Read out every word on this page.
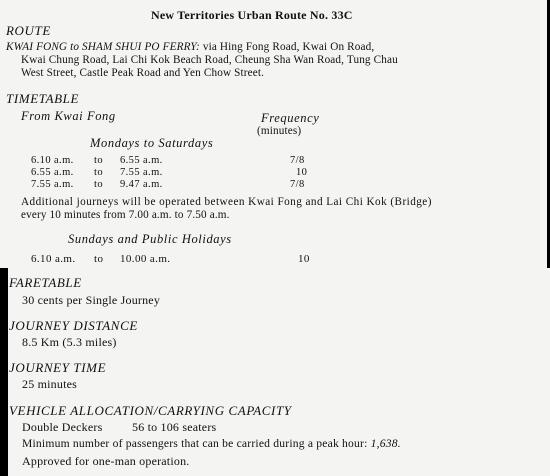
New Territories Urban Route No. 33C
ROUTE
KWAI FONG to SHAM SHUI PO FERRY: via Hing Fong Road, Kwai On Road,
Kwai Chung Road, Lai Chi Kok Beach Road, Cheung Sha Wan Road, Tung Chau
West Street, Castle Peak Road and Yen Chow Street.
TIMETABLE
From Kwai Fong	Frequency
(minutes)
Mondays to Saturdays
6.10 a.m. to 6.55 a.m.	7/8
6.55 a.m. to 7.55 a.m.	10
7.55 a.m. to 9.47 a.m.	7/8
Additional journeys will be operated between Kwai Fong and Lai Chi Kok (Bridge)
every 10 minutes from 7.00 a.m. to 7.50 a.m.
Sundays and Public Holidays
6.10 a.m. to 10.00 a.m.	10
FARETABLE
30 cents per Single Journey
JOURNEY DISTANCE
8.5 Km (5.3 miles)
JOURNEY TIME
25 minutes
VEHICLE ALLOCATION/CARRYING CAPACITY
Double Deckers 56 to 106 seaters
Minimum number of passengers that can be carried during a peak hour: 1,638.
Approved for one-man operation.
